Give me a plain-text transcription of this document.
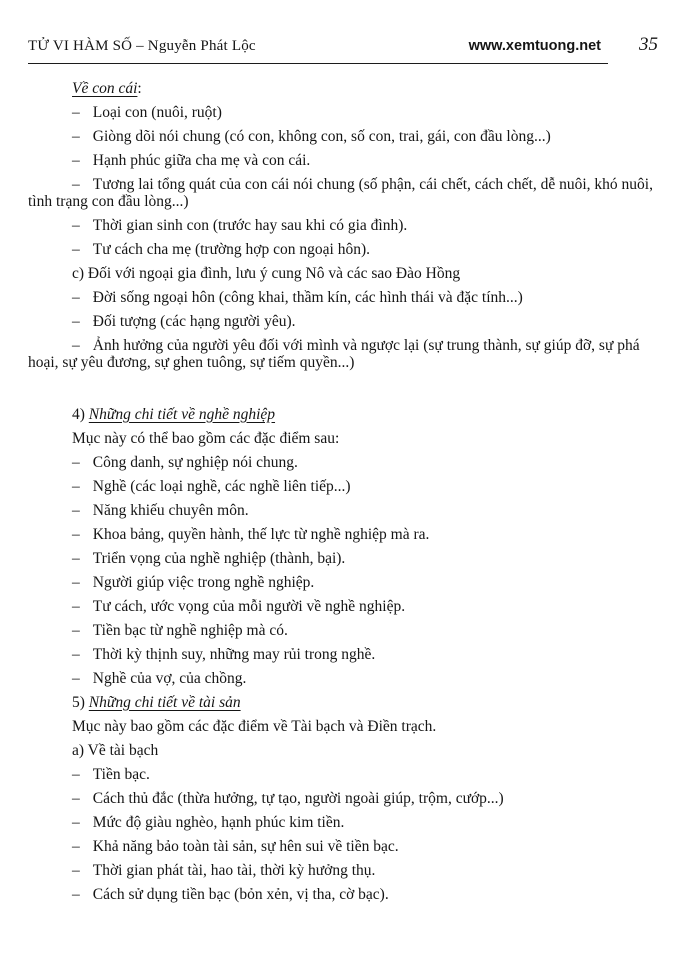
TỬ VI HÀM SỐ – Nguyễn Phát Lộc	www.xemtuong.net 35

Về con cái:

– Loại con (nuôi, ruột)

– Giòng dõi nói chung (có con, không con, số con, trai, gái, con đầu lòng...)

– Hạnh phúc giữa cha mẹ và con cái.

– Tương lai tổng quát của con cái nói chung (số phận, cái chết, cách chết, dễ nuôi, khó nuôi, tình trạng con đầu lòng...)

– Thời gian sinh con (trước hay sau khi có gia đình).

– Tư cách cha mẹ (trường hợp con ngoại hôn).

c) Đối với ngoại gia đình, lưu ý cung Nô và các sao Đào Hồng

– Đời sống ngoại hôn (công khai, thầm kín, các hình thái và đặc tính...)

– Đối tượng (các hạng người yêu).

– Ảnh hưởng của người yêu đối với mình và ngược lại (sự trung thành, sự giúp đỡ, sự phá hoại, sự yêu đương, sự ghen tuông, sự tiếm quyền...)

4) Những chi tiết về nghề nghiệp

Mục này có thể bao gồm các đặc điểm sau:

– Công danh, sự nghiệp nói chung.

– Nghề (các loại nghề, các nghề liên tiếp...)

– Năng khiếu chuyên môn.

– Khoa bảng, quyền hành, thế lực từ nghề nghiệp mà ra.

– Triển vọng của nghề nghiệp (thành, bại).

– Người giúp việc trong nghề nghiệp.

– Tư cách, ước vọng của mỗi người về nghề nghiệp.

– Tiền bạc từ nghề nghiệp mà có.

– Thời kỳ thịnh suy, những may rủi trong nghề.

– Nghề của vợ, của chồng.

5) Những chi tiết về tài sản

Mục này bao gồm các đặc điểm về Tài bạch và Điền trạch.

a) Về tài bạch

– Tiền bạc.

– Cách thủ đắc (thừa hưởng, tự tạo, người ngoài giúp, trộm, cướp...)

– Mức độ giàu nghèo, hạnh phúc kim tiền.

– Khả năng bảo toàn tài sản, sự hên sui về tiền bạc.

– Thời gian phát tài, hao tài, thời kỳ hưởng thụ.

– Cách sử dụng tiền bạc (bỏn xẻn, vị tha, cờ bạc).
